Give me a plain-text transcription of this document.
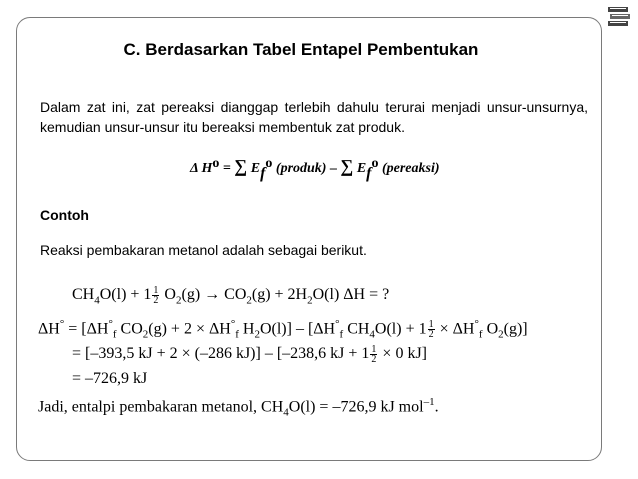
C. Berdasarkan Tabel Entapel Pembentukan
Dalam zat ini, zat pereaksi dianggap terlebih dahulu terurai menjadi unsur-unsurnya, kemudian unsur-unsur itu bereaksi membentuk zat produk.
Δ Ho = ∑ Efo (produk) – ∑ Efo (pereaksi)
Contoh
Reaksi pembakaran metanol adalah sebagai berikut.
$CH_4O(l) + 1 \frac{1}{2} O_2(g) \to CO_2(g) + 2H_2O(l) \Delta H$ = ?
$\Delta H^\circ = [\Delta H^\circ_f$ $CO_2(g) + 2 \times \Delta H^\circ_f$ $H_2O(l)] - [\Delta H^\circ_f$ $CH_4O(l) + 1 \frac{1}{2} \times \Delta H^\circ_f$ $O_2(g)$]
= [–393,5 kJ + 2 × (–286 kJ)] – [–238,6 kJ + $1 \frac{1}{2} \times 0$ kJ]
= –726,9 kJ
Jadi, entalpi pembakaran metanol, $CH_4O(l) = -726,9$ kJ mol$^{-1}$.
